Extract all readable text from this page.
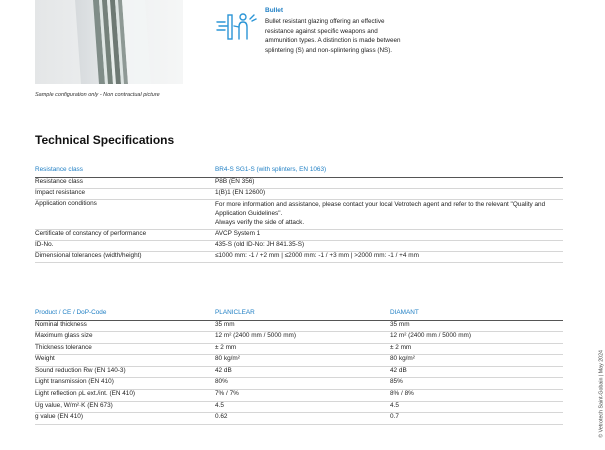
Sample configuration only - Non contractual picture
Bullet
Bullet resistant glazing offering an effective
resistance against specific weapons and
ammunition types. A distinction is made between
splintering (S) and non-splintering glass (NS).
Technical Specifications
Resistance class	BR4-S SG1-S (with splinters, EN 1063)
Resistance class	P8B (EN 356)
Impact resistance	1(B)1 (EN 12600)
Application conditions	For more information and assistance, please contact your local Vetrotech agent and refer to the relevant "Quality and Application Guidelines".
Always verify the side of attack.
Certificate of constancy of performance	AVCP System 1
ID-No.	435-S (old ID-No: JH 841.35-S)
Dimensional tolerances (width/height)	≤1000 mm: -1 / +2 mm | ≤2000 mm: -1 / +3 mm | >2000 mm: -1 / +4 mm
Product / CE / DoP-Code	PLANICLEAR	DIAMANT
Nominal thickness	35 mm	35 mm
Maximum glass size	12 m² (2400 mm / 5000 mm)	12 m² (2400 mm / 5000 mm)
Thickness tolerance	± 2 mm	± 2 mm
Weight	80 kg/m²	80 kg/m²
Sound reduction Rw (EN 140-3)	42 dB	42 dB
Light transmission (EN 410)	80%	85%
Light reflection ρL ext./int. (EN 410)	7% / 7%	8% / 8%
Ug value, W/m²·K (EN 673)	4.5	4.5
g value (EN 410)	0.62	0.7	© Vetrotech Saint-Gobain | May 2024
